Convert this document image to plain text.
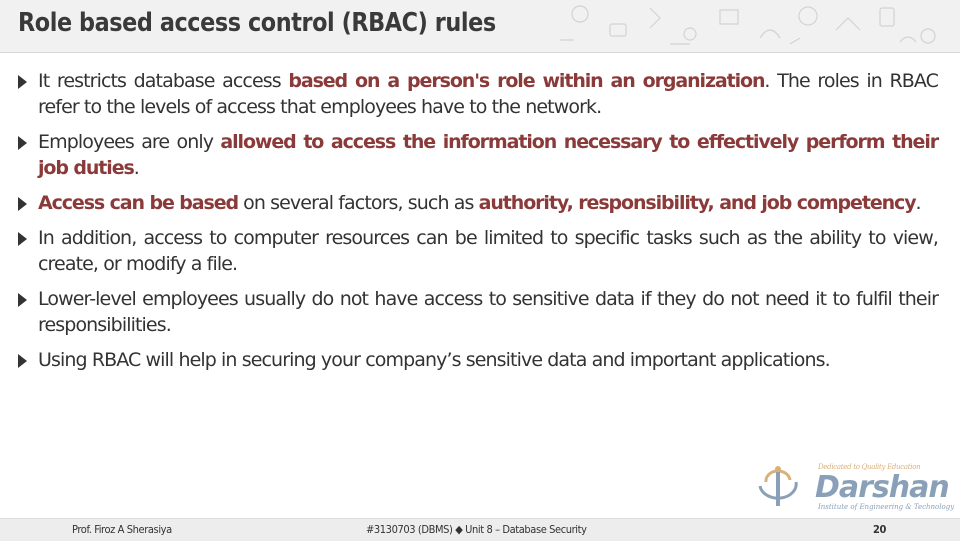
Role based access control (RBAC) rules
It restricts database access based on a person's role within an organization. The roles in RBAC refer to the levels of access that employees have to the network.
Employees are only allowed to access the information necessary to effectively perform their job duties.
Access can be based on several factors, such as authority, responsibility, and job competency.
In addition, access to computer resources can be limited to specific tasks such as the ability to view, create, or modify a file.
Lower-level employees usually do not have access to sensitive data if they do not need it to fulfil their responsibilities.
Using RBAC will help in securing your company’s sensitive data and important applications.
Dedicated to Quality Education
Darshan
Institute of Engineering & Technology
Prof. Firoz A Sherasiya	#3130703 (DBMS) ◆ Unit 8 – Database Security	20
